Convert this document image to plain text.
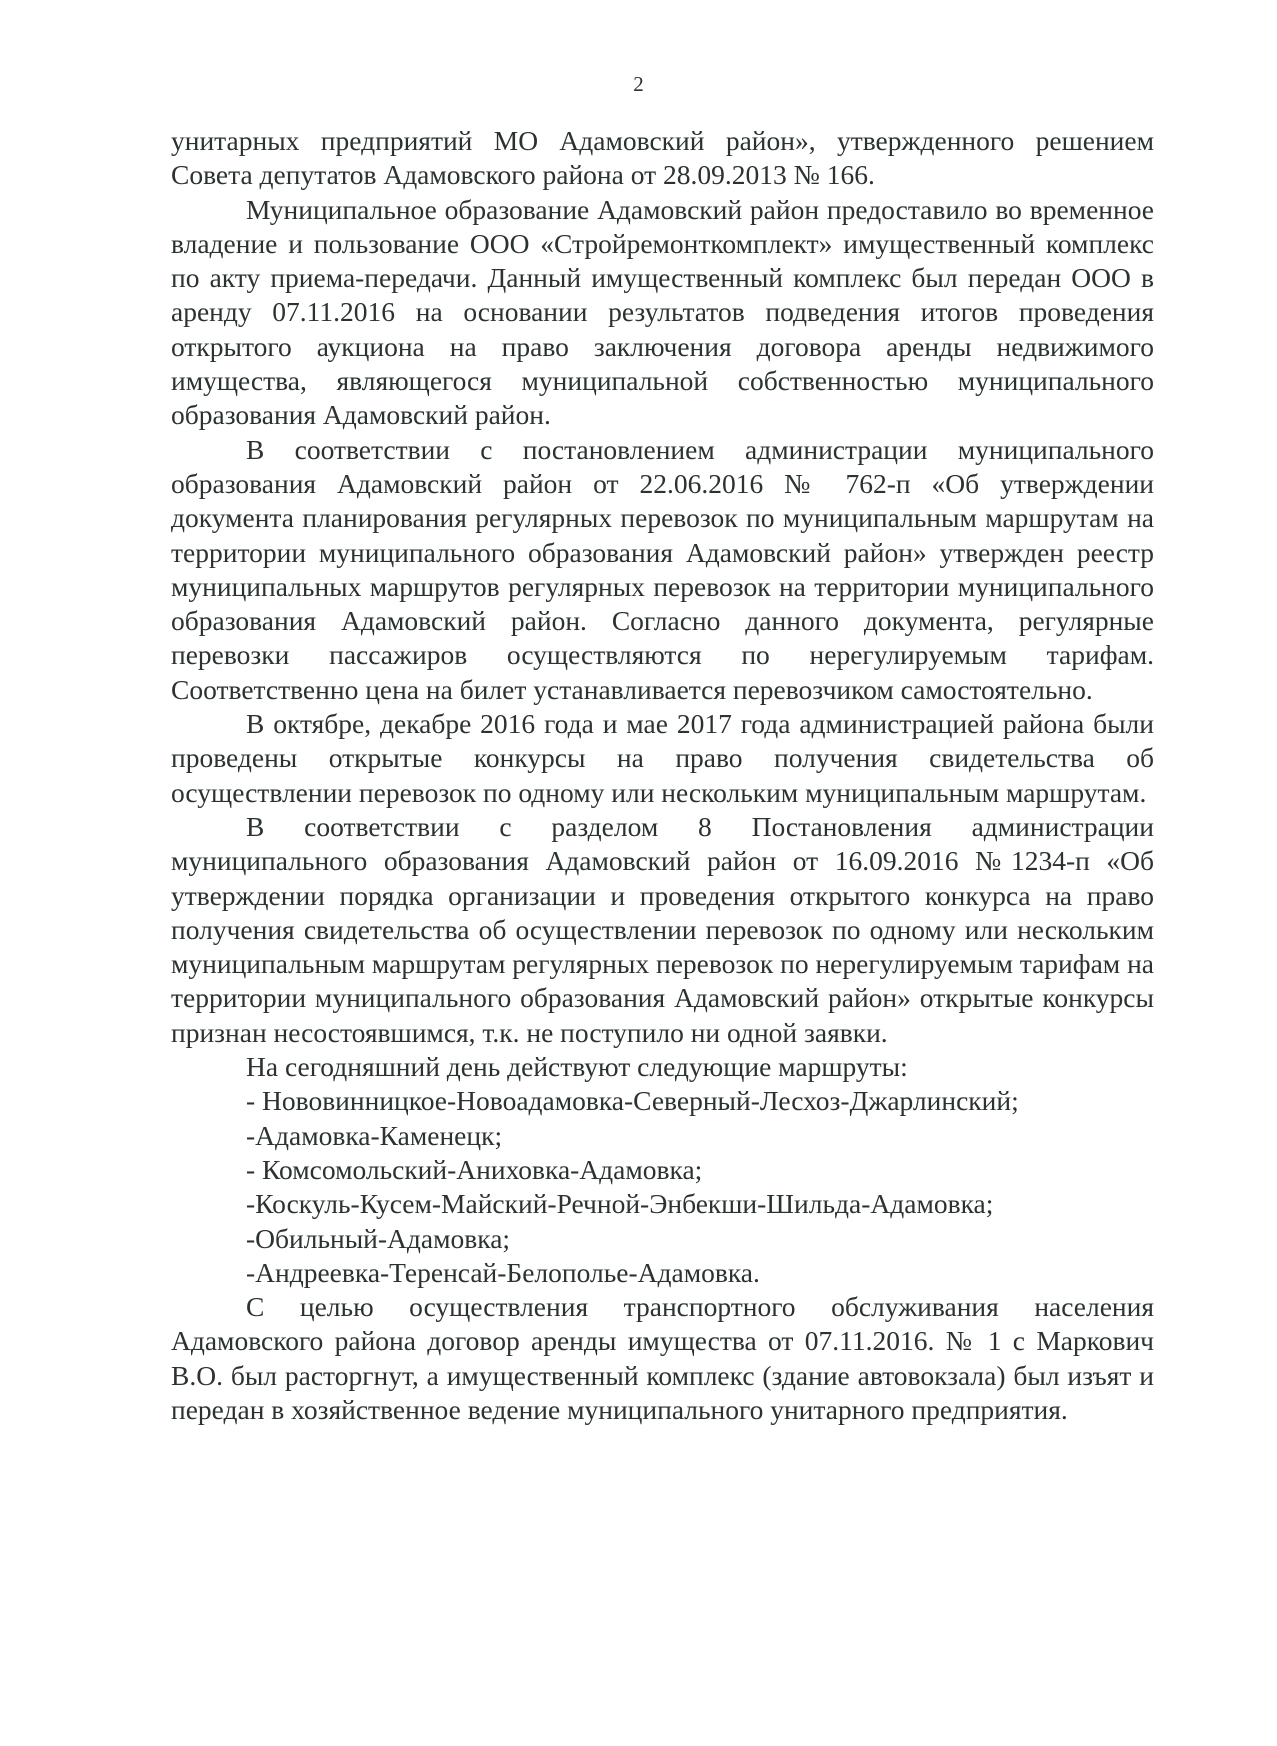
2

унитарных предприятий МО Адамовский район», утвержденного решением Совета депутатов Адамовского района от 28.09.2013 № 166.

Муниципальное образование Адамовский район предоставило во временное владение и пользование ООО «Стройремонткомплект» имущественный комплекс по акту приема-передачи. Данный имущественный комплекс был передан ООО в аренду 07.11.2016 на основании результатов подведения итогов проведения открытого аукциона на право заключения договора аренды недвижимого имущества, являющегося муниципальной собственностью муниципального образования Адамовский район.

В соответствии с постановлением администрации муниципального образования Адамовский район от 22.06.2016 № 762-п «Об утверждении документа планирования регулярных перевозок по муниципальным маршрутам на территории муниципального образования Адамовский район» утвержден реестр муниципальных маршрутов регулярных перевозок на территории муниципального образования Адамовский район. Согласно данного документа, регулярные перевозки пассажиров осуществляются по нерегулируемым тарифам. Соответственно цена на билет устанавливается перевозчиком самостоятельно.

В октябре, декабре 2016 года и мае 2017 года администрацией района были проведены открытые конкурсы на право получения свидетельства об осуществлении перевозок по одному или нескольким муниципальным маршрутам.

В соответствии с разделом 8 Постановления администрации муниципального образования Адамовский район от 16.09.2016 №1234-п «Об утверждении порядка организации и проведения открытого конкурса на право получения свидетельства об осуществлении перевозок по одному или нескольким муниципальным маршрутам регулярных перевозок по нерегулируемым тарифам на территории муниципального образования Адамовский район» открытые конкурсы признан несостоявшимся, т.к. не поступило ни одной заявки.

На сегодняшний день действуют следующие маршруты:

- Нововинницкое-Новоадамовка-Северный-Лесхоз-Джарлинский;

-Адамовка-Каменецк;

- Комсомольский-Аниховка-Адамовка;

-Коскуль-Кусем-Майский-Речной-Энбекши-Шильда-Адамовка;

-Обильный-Адамовка;

-Андреевка-Теренсай-Белополье-Адамовка.

С целью осуществления транспортного обслуживания населения Адамовского района договор аренды имущества от 07.11.2016. № 1 с Маркович В.О. был расторгнут, а имущественный комплекс (здание автовокзала) был изъят и передан в хозяйственное ведение муниципального унитарного предприятия.
